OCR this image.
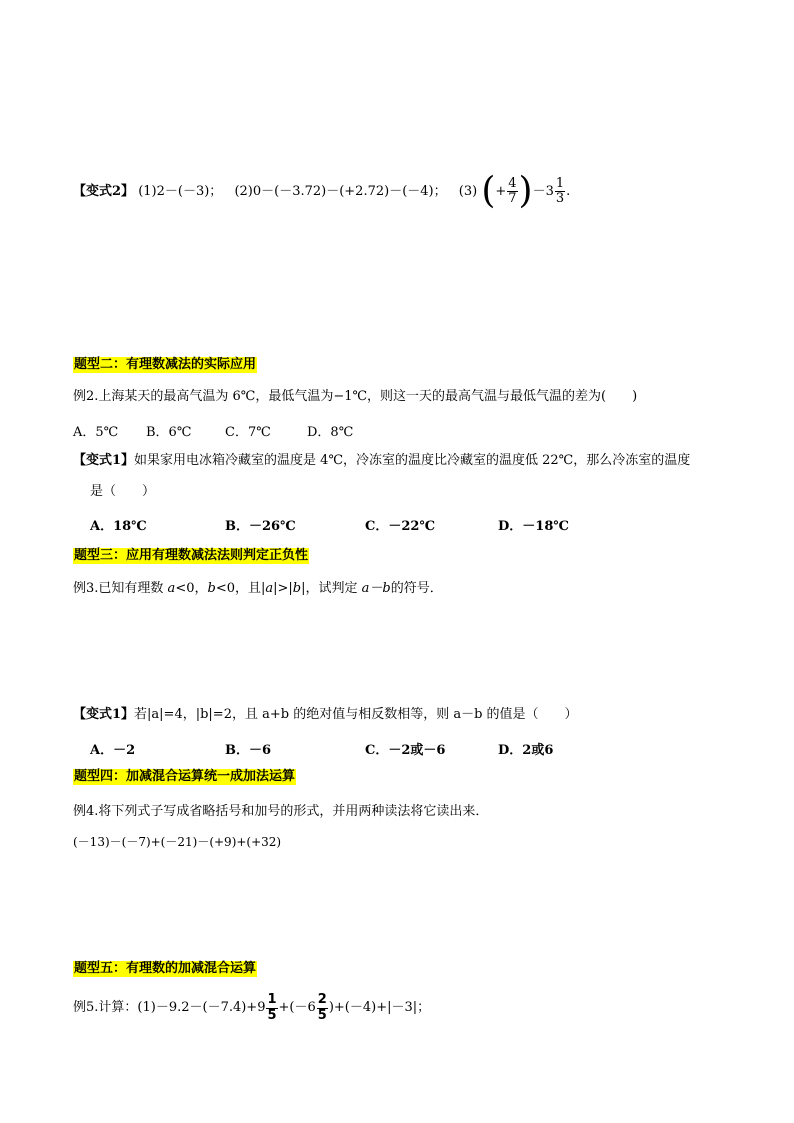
【变式2】 (1)2－(－3)； (2)0－(－3.72)－(+2.72)－(－4)； (3) (+ $\frac{4}{7} )-3 \frac{1}{3}$ .
题型二：有理数减法的实际应用
例2.上海某天的最高气温为 6℃，最低气温为−1℃，则这一天的最高气温与最低气温的差为(　　)
A．5℃ B．6℃	C．7℃	D．8℃
【变式1】如果家用电冰箱冷藏室的温度是 4℃，冷冻室的温度比冷藏室的温度低 22℃，那么冷冻室的温度
是（　　）
A．18℃	B．－26℃	C．－22℃	D．－18℃
题型三：应用有理数减法法则判定正负性
例3.已知有理数 a<0，b<0，且|a|>|b|，试判定 a－b的符号．
【变式1】若|a|=4，|b|=2，且 a+b 的绝对值与相反数相等，则 a－b 的值是（　　）
A．－2	B．－6	C．－2或－6	D．2或6
题型四：加减混合运算统一成加法运算
例4.将下列式子写成省略括号和加号的形式，并用两种读法将它读出来．
(－13)－(－7)+(－21)－(+9)+(+32)
题型五：有理数的加减混合运算
例5.计算：$(1)-9.2-(-7.4)+9 \frac{1}{5} +(-6 \frac{2}{5} )+(-4)+|-3|$；
